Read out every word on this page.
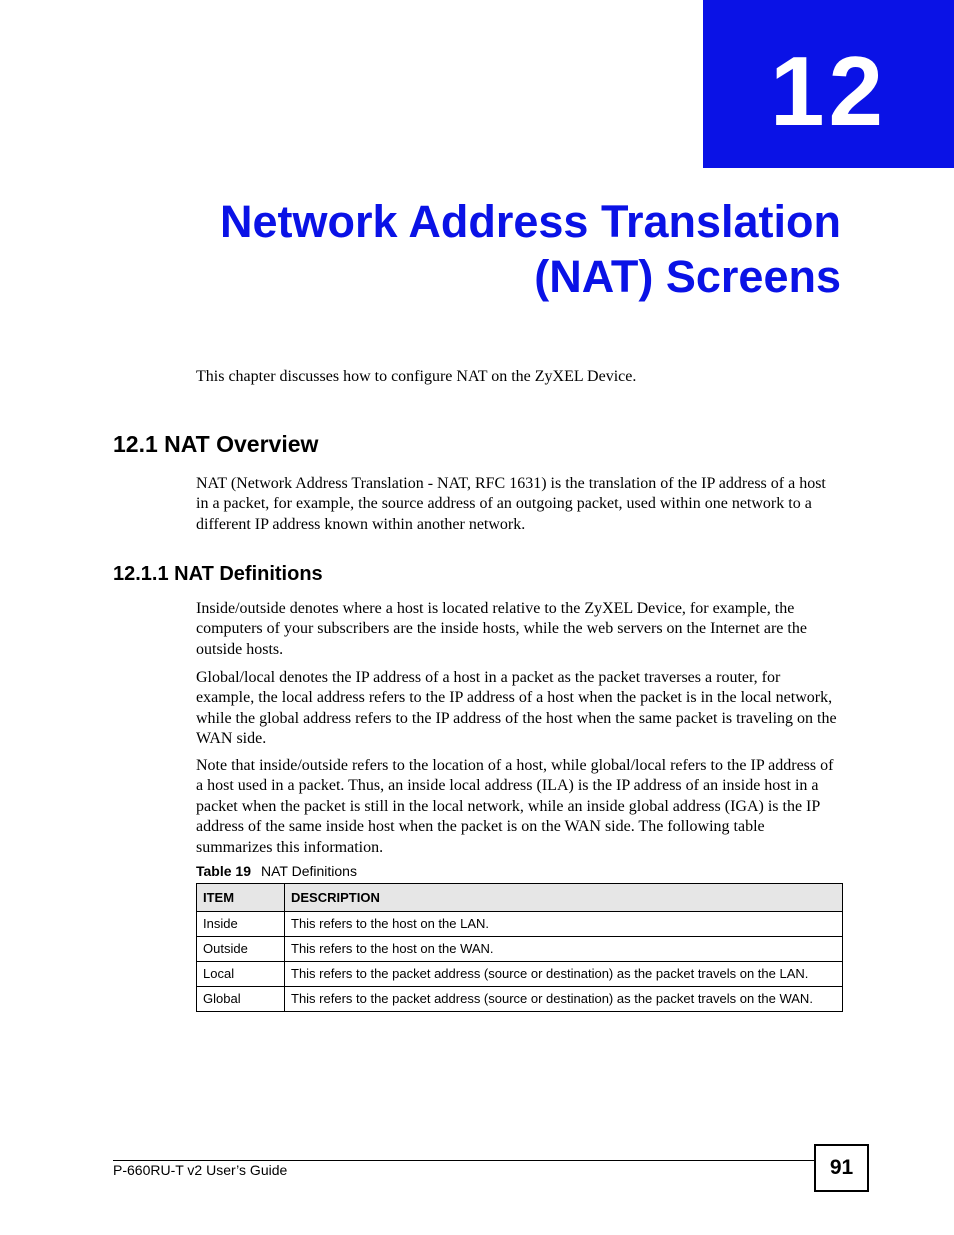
12
Network Address Translation
(NAT) Screens
This chapter discusses how to configure NAT on the ZyXEL Device.
12.1 NAT Overview

NAT (Network Address Translation - NAT, RFC 1631) is the translation of the IP address of a host in a packet, for example, the source address of an outgoing packet, used within one network to a different IP address known within another network.

12.1.1 NAT Definitions

Inside/outside denotes where a host is located relative to the ZyXEL Device, for example, the computers of your subscribers are the inside hosts, while the web servers on the Internet are the outside hosts.

Global/local denotes the IP address of a host in a packet as the packet traverses a router, for example, the local address refers to the IP address of a host when the packet is in the local network, while the global address refers to the IP address of the host when the same packet is traveling on the WAN side.

Note that inside/outside refers to the location of a host, while global/local refers to the IP address of a host used in a packet. Thus, an inside local address (ILA) is the IP address of an inside host in a packet when the packet is still in the local network, while an inside global address (IGA) is the IP address of the same inside host when the packet is on the WAN side. The following table summarizes this information.

Table 19 NAT Definitions
ITEM	DESCRIPTION
Inside	This refers to the host on the LAN.
Outside	This refers to the host on the WAN.
Local	This refers to the packet address (source or destination) as the packet travels on the LAN.
Global	This refers to the packet address (source or destination) as the packet travels on the WAN.
P-660RU-T v2 User’s Guide	91
